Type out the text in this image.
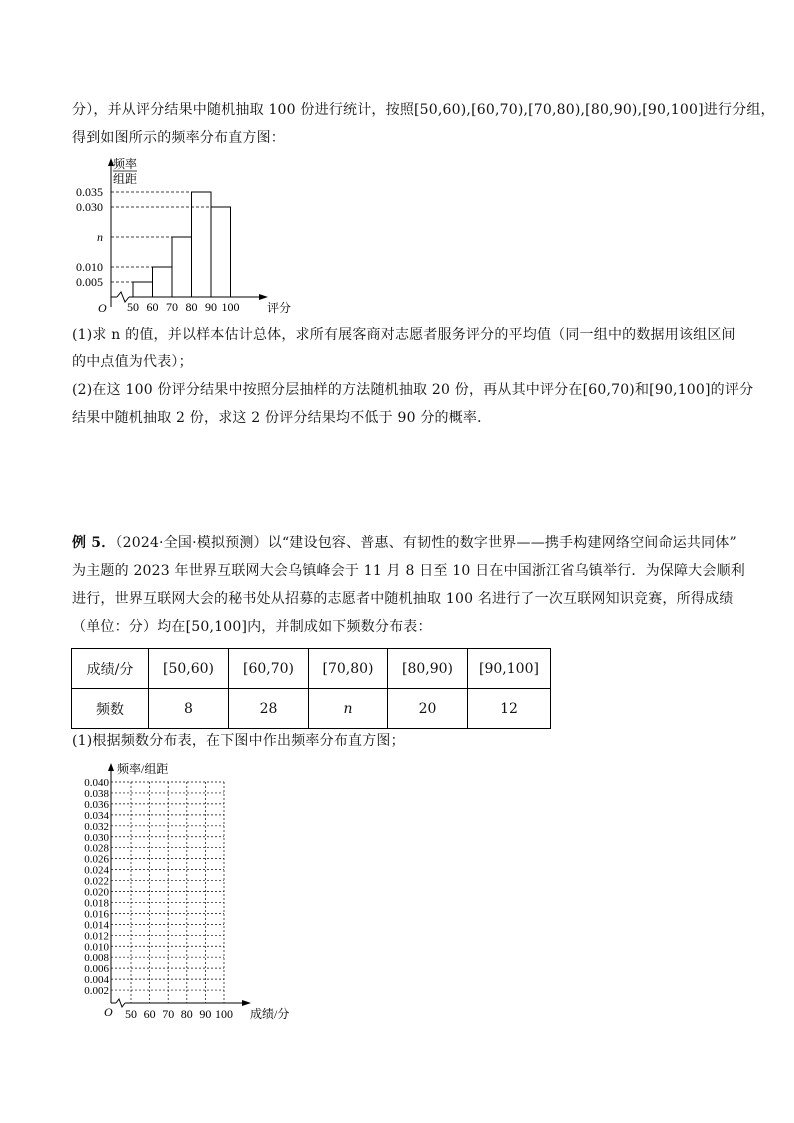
分），并从评分结果中随机抽取 100 份进行统计，按照[50,60),[60,70),[70,80),[80,90),[90,100]进行分组，
得到如图所示的频率分布直方图：
频率
组距
评分
O
0.035
0.030
n
0.010
0.005
50 60 70 80 90 100
(1)求 n 的值，并以样本估计总体，求所有展客商对志愿者服务评分的平均值（同一组中的数据用该组区间
的中点值为代表）；
(2)在这 100 份评分结果中按照分层抽样的方法随机抽取 20 份，再从其中评分在[60,70)和[90,100]的评分
结果中随机抽取 2 份，求这 2 份评分结果均不低于 90 分的概率．
例 5．（2024·全国·模拟预测）以“建设包容、普惠、有韧性的数字世界——携手构建网络空间命运共同体”
为主题的 2023 年世界互联网大会乌镇峰会于 11 月 8 日至 10 日在中国浙江省乌镇举行．为保障大会顺利
进行，世界互联网大会的秘书处从招募的志愿者中随机抽取 100 名进行了一次互联网知识竞赛，所得成绩
（单位：分）均在[50,100]内，并制成如下频数分布表：
成绩/分	[50,60)	[60,70)	[70,80)	[80,90)	[90,100]
频数	8	28	n	20	12
(1)根据频数分布表，在下图中作出频率分布直方图；
频率/组距
成绩/分
O
0.040
0.038
0.036
0.034
0.032
0.030
0.028
0.026
0.024
0.022
0.020
0.018
0.016
0.014
0.012
0.010
0.008
0.006
0.004
0.002
50 60 70 80 90 100
